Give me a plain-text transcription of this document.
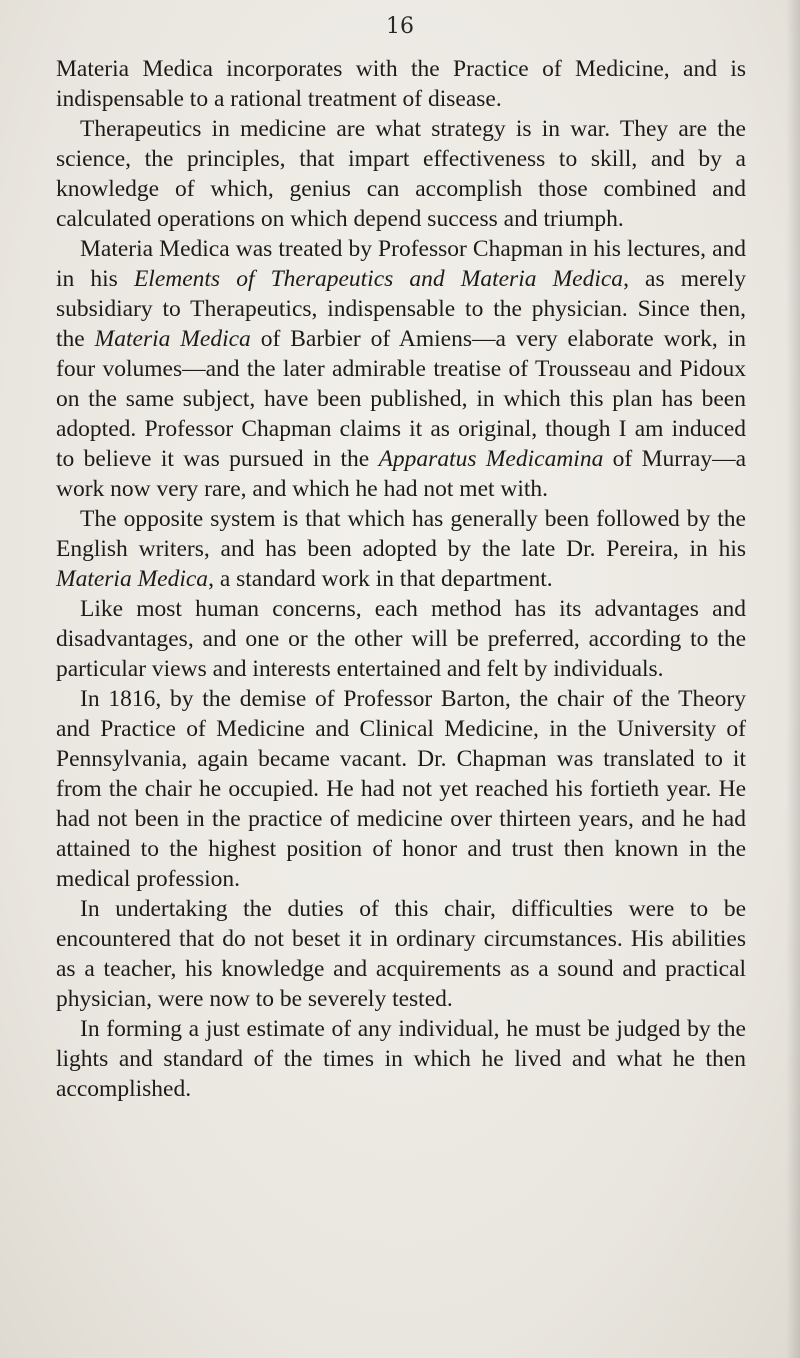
16

Materia Medica incorporates with the Practice of Medicine, and is indispensable to a rational treatment of disease.

Therapeutics in medicine are what strategy is in war. They are the science, the principles, that impart effectiveness to skill, and by a knowledge of which, genius can accomplish those combined and calculated operations on which depend success and triumph.

Materia Medica was treated by Professor Chapman in his lectures, and in his Elements of Therapeutics and Materia Medica, as merely subsidiary to Therapeutics, indispensable to the physician. Since then, the Materia Medica of Barbier of Amiens—a very elaborate work, in four volumes—and the later admirable treatise of Trousseau and Pidoux on the same subject, have been published, in which this plan has been adopted. Professor Chapman claims it as original, though I am induced to believe it was pursued in the Apparatus Medicamina of Murray—a work now very rare, and which he had not met with.

The opposite system is that which has generally been followed by the English writers, and has been adopted by the late Dr. Pereira, in his Materia Medica, a standard work in that department.

Like most human concerns, each method has its advantages and disadvantages, and one or the other will be preferred, according to the particular views and interests entertained and felt by individuals.

In 1816, by the demise of Professor Barton, the chair of the Theory and Practice of Medicine and Clinical Medicine, in the University of Pennsylvania, again became vacant. Dr. Chapman was translated to it from the chair he occupied. He had not yet reached his fortieth year. He had not been in the practice of medicine over thirteen years, and he had attained to the highest position of honor and trust then known in the medical profession.

In undertaking the duties of this chair, difficulties were to be encountered that do not beset it in ordinary circumstances. His abilities as a teacher, his knowledge and acquirements as a sound and practical physician, were now to be severely tested.

In forming a just estimate of any individual, he must be judged by the lights and standard of the times in which he lived and what he then accomplished.
